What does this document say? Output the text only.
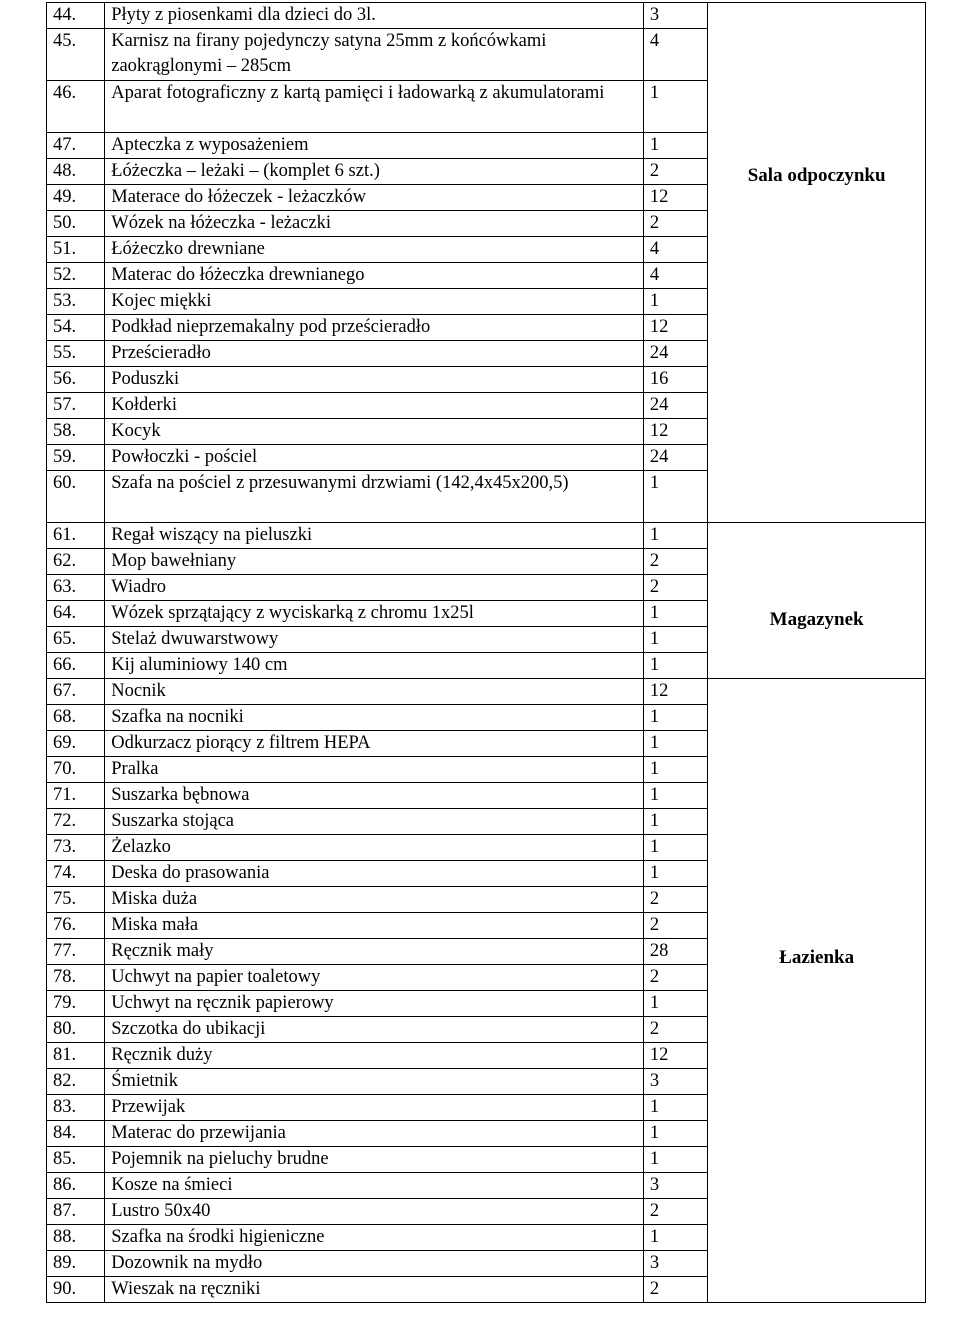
44.	Płyty z piosenkami dla dzieci do 3l.	3	Sala odpoczynku

45.	Karnisz na firany pojedynczy satyna 25mm z końcówkami zaokrąglonymi – 285cm	4	
46.	Aparat fotograficzny z kartą pamięci i ładowarką z akumulatorami	1	
47.	Apteczka z wyposażeniem	1	
48.	Łóżeczka – leżaki – (komplet 6 szt.)	2	
49.	Materace do łóżeczek - leżaczków	12	
50.	Wózek na łóżeczka - leżaczki	2	
51.	Łóżeczko drewniane	4	
52.	Materac do łóżeczka drewnianego	4	
53.	Kojec miękki	1	
54.	Podkład nieprzemakalny pod prześcieradło	12	
55.	Prześcieradło	24	
56.	Poduszki	16	
57.	Kołderki	24	
58.	Kocyk	12	
59.	Powłoczki - pościel	24	
60.	Szafa na pościel z przesuwanymi drzwiami (142,4x45x200,5)	1	
61.	Regał wiszący na pieluszki	1	Magazynek

62.	Mop bawełniany	2	
63.	Wiadro	2	
64.	Wózek sprzątający z wyciskarką z chromu 1x25l	1	
65.	Stelaż dwuwarstwowy	1	
66.	Kij aluminiowy 140 cm	1	
67.	Nocnik	12	Łazienka

68.	Szafka na nocniki	1	
69.	Odkurzacz piorący z filtrem HEPA	1	
70.	Pralka	1	
71.	Suszarka bębnowa	1	
72.	Suszarka stojąca	1	
73.	Żelazko	1	
74.	Deska do prasowania	1	
75.	Miska duża	2	
76.	Miska mała	2	
77.	Ręcznik mały	28	
78.	Uchwyt na papier toaletowy	2	
79.	Uchwyt na ręcznik papierowy	1	
80.	Szczotka do ubikacji	2	
81.	Ręcznik duży	12	
82.	Śmietnik	3	
83.	Przewijak	1	
84.	Materac do przewijania	1	
85.	Pojemnik na pieluchy brudne	1	
86.	Kosze na śmieci	3	
87.	Lustro 50x40	2	
88.	Szafka na środki higieniczne	1	
89.	Dozownik na mydło	3	
90.	Wieszak na ręczniki	2	
